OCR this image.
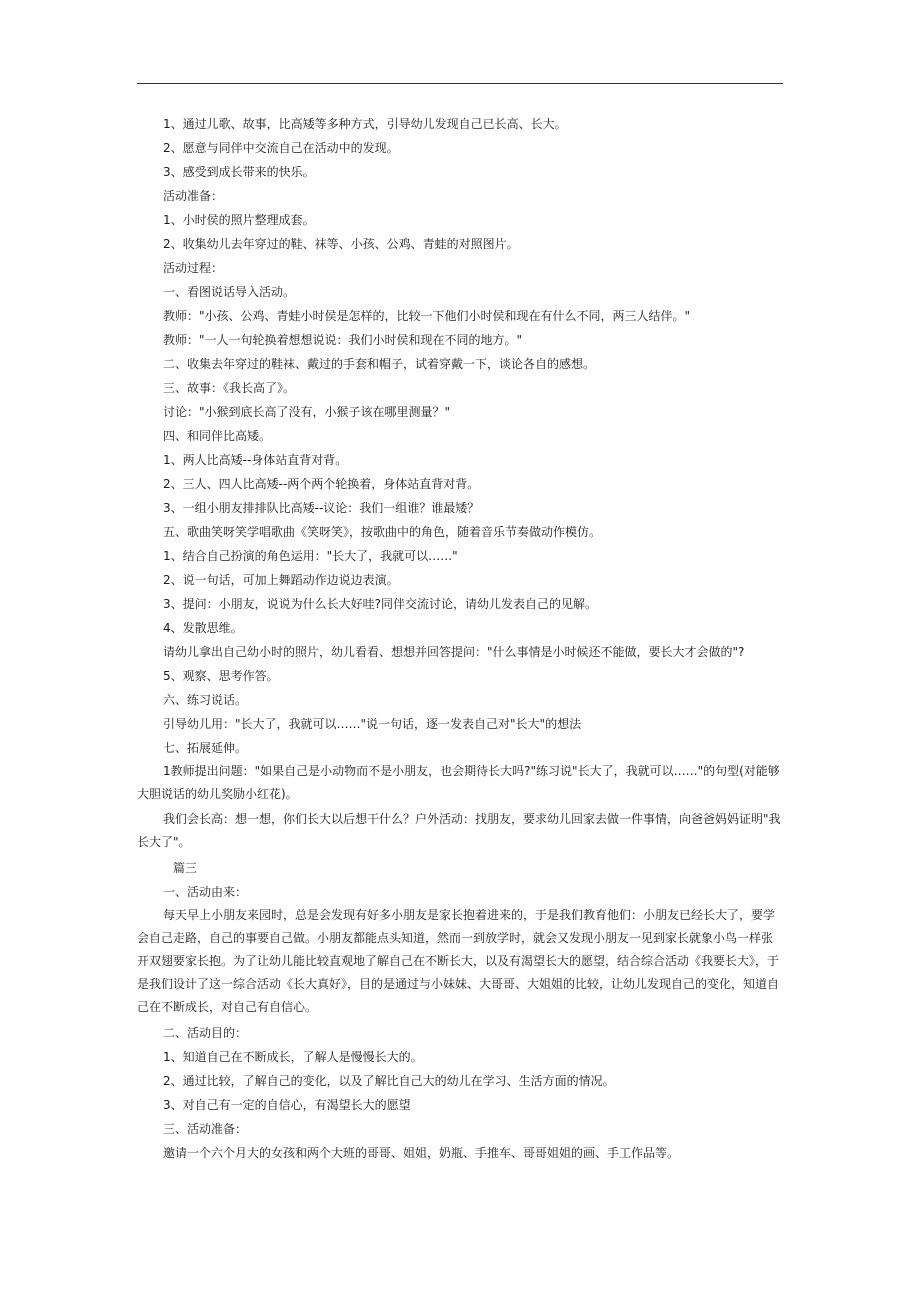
1、通过儿歌、故事，比高矮等多种方式，引导幼儿发现自己已长高、长大。

2、愿意与同伴中交流自己在活动中的发现。

3、感受到成长带来的快乐。

活动准备：

1、小时侯的照片整理成套。

2、收集幼儿去年穿过的鞋、袜等、小孩、公鸡、青蛙的对照图片。

活动过程：

一、看图说话导入活动。

教师："小孩、公鸡、青蛙小时侯是怎样的，比较一下他们小时侯和现在有什么不同，两三人结伴。"

教师："一人一句轮换着想想说说：我们小时侯和现在不同的地方。"

二、收集去年穿过的鞋袜、戴过的手套和帽子，试着穿戴一下，谈论各自的感想。

三、故事：《我长高了》。

讨论："小猴到底长高了没有，小猴子该在哪里测量？"

四、和同伴比高矮。

1、两人比高矮--身体站直背对背。

2、三人、四人比高矮--两个两个轮换着，身体站直背对背。

3、一组小朋友排排队比高矮--议论：我们一组谁？谁最矮？

五、歌曲笑呀笑学唱歌曲《笑呀笑》，按歌曲中的角色，随着音乐节奏做动作模仿。

1、结合自己扮演的角色运用："长大了，我就可以……"

2、说一句话，可加上舞蹈动作边说边表演。

3、提问：小朋友，说说为什么长大好哇?同伴交流讨论，请幼儿发表自己的见解。

4、发散思维。

请幼儿拿出自己幼小时的照片，幼儿看看、想想并回答提问："什么事情是小时候还不能做，要长大才会做的"?

5、观察、思考作答。

六、练习说话。

引导幼儿用："长大了，我就可以……"说一句话，逐一发表自己对"长大"的想法

七、拓展延伸。

1教师提出问题："如果自己是小动物而不是小朋友，也会期待长大吗?"练习说"长大了，我就可以……"的句型(对能够大胆说话的幼儿奖励小红花)。

我们会长高：想一想，你们长大以后想干什么？户外活动：找朋友，要求幼儿回家去做一件事情，向爸爸妈妈证明"我长大了"。

篇三

一、活动由来：

每天早上小朋友来园时，总是会发现有好多小朋友是家长抱着进来的，于是我们教育他们：小朋友已经长大了，要学会自己走路，自己的事要自己做。小朋友都能点头知道，然而一到放学时，就会又发现小朋友一见到家长就象小鸟一样张开双翅要家长抱。为了让幼儿能比较直观地了解自己在不断长大，以及有渴望长大的愿望，结合综合活动《我要长大》，于是我们设计了这一综合活动《长大真好》，目的是通过与小妹妹、大哥哥、大姐姐的比较，让幼儿发现自己的变化，知道自己在不断成长，对自己有自信心。

二、活动目的：

1、知道自己在不断成长，了解人是慢慢长大的。

2、通过比较，了解自己的变化，以及了解比自己大的幼儿在学习、生活方面的情况。

3、对自己有一定的自信心，有渴望长大的愿望

三、活动准备：

邀请一个六个月大的女孩和两个大班的哥哥、姐姐，奶瓶、手推车、哥哥姐姐的画、手工作品等。
